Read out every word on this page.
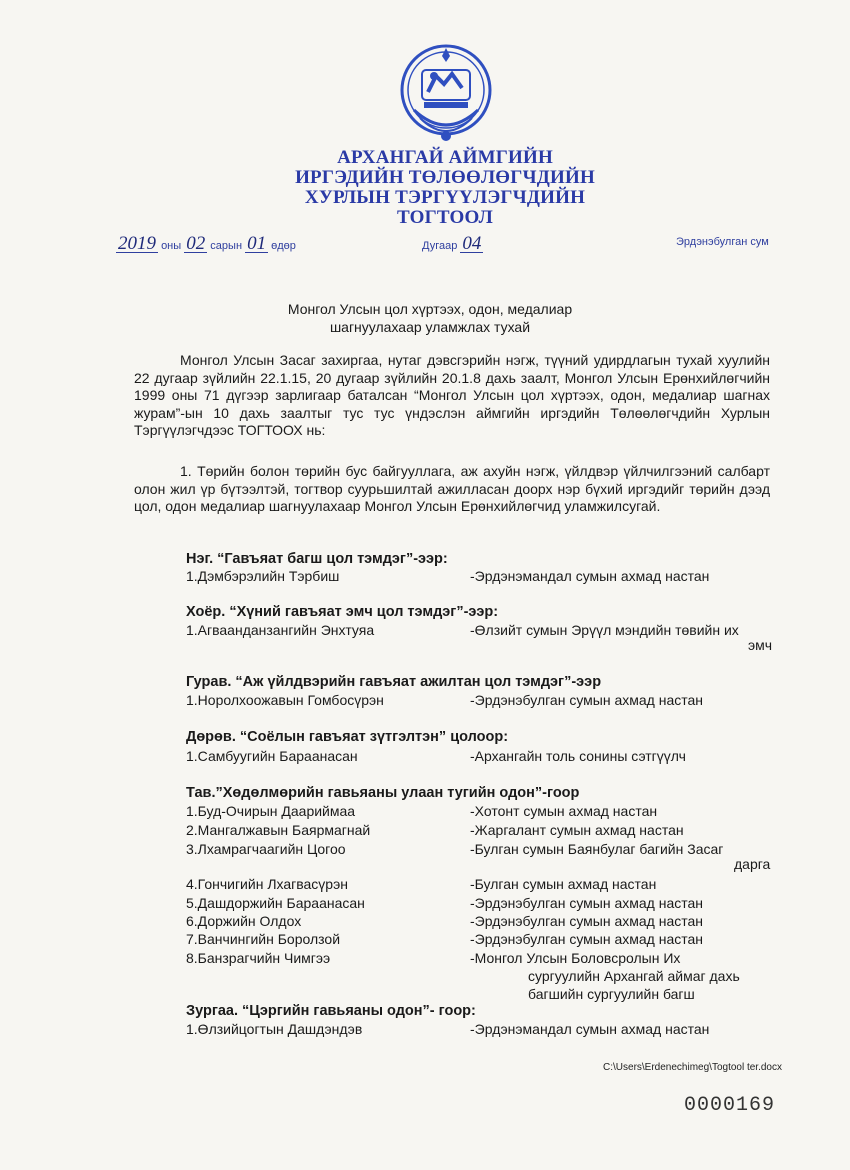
АРХАНГАЙ АЙМГИЙН
ИРГЭДИЙН ТӨЛӨӨЛӨГЧДИЙН
ХУРЛЫН ТЭРГҮҮЛЭГЧДИЙН
ТОГТООЛ
2019 оны 02 сарын 01 өдөр	Дугаар 04	Эрдэнэбулган сум
Монгол Улсын цол хүртээх, одон, медалиар
шагнуулахаар уламжлах тухай
Монгол Улсын Засаг захиргаа, нутаг дэвсгэрийн нэгж, түүний удирдлагын тухай хуулийн 22 дугаар зүйлийн 22.1.15, 20 дугаар зүйлийн 20.1.8 дахь заалт, Монгол Улсын Ерөнхийлөгчийн 1999 оны 71 дүгээр зарлигаар баталсан “Монгол Улсын цол хүртээх, одон, медалиар шагнах журам”-ын 10 дахь заалтыг тус тус үндэслэн аймгийн иргэдийн Төлөөлөгчдийн Хурлын Тэргүүлэгчдээс ТОГТООХ нь:
1. Төрийн болон төрийн бус байгууллага, аж ахуйн нэгж, үйлдвэр үйлчилгээний салбарт олон жил үр бүтээлтэй, тогтвор суурьшилтай ажилласан доорх нэр бүхий иргэдийг төрийн дээд цол, одон медалиар шагнуулахаар Монгол Улсын Ерөнхийлөгчид уламжилсугай.
Нэг. “Гавъяат багш цол тэмдэг”-ээр:
1.Дэмбэрэлийн Тэрбиш	-Эрдэнэмандал сумын ахмад настан
Хоёр. “Хүний гавъяат эмч цол тэмдэг”-ээр:
1.Агваанданзангийн Энхтуяа	-Өлзийт сумын Эрүүл мэндийн төвийн их
эмч
Гурав. “Аж үйлдвэрийн гавъяат ажилтан цол тэмдэг”-ээр
1.Норолхоожавын Гомбосүрэн	-Эрдэнэбулган сумын ахмад настан
Дөрөв. “Соёлын гавъяат зүтгэлтэн” цолоор:
1.Самбуугийн Бараанасан	-Архангайн толь сонины сэтгүүлч
Тав.”Хөдөлмөрийн гавьяаны улаан тугийн одон”-гоор
1.Буд-Очирын Даариймаа	-Хотонт сумын ахмад настан
2.Мангалжавын Баярмагнай	-Жаргалант сумын ахмад настан
3.Лхамрагчаагийн Цогоо	-Булган сумын Баянбулаг багийн Засаг
дарга
4.Гончигийн Лхагвасүрэн	-Булган сумын ахмад настан
5.Дашдоржийн Бараанасан	-Эрдэнэбулган сумын ахмад настан
6.Доржийн Олдох	-Эрдэнэбулган сумын ахмад настан
7.Ванчингийн Боролзой	-Эрдэнэбулган сумын ахмад настан
8.Банзрагчийн Чимгээ	-Монгол Улсын Боловсролын Их
сургуулийн Архангай аймаг дахь
багшийн сургуулийн багш
Зургаа. “Цэргийн гавьяаны одон”- гоор:
1.Өлзийцогтын Дашдэндэв	-Эрдэнэмандал сумын ахмад настан
C:\Users\Erdenechimeg\Togtool ter.docx
0000169
